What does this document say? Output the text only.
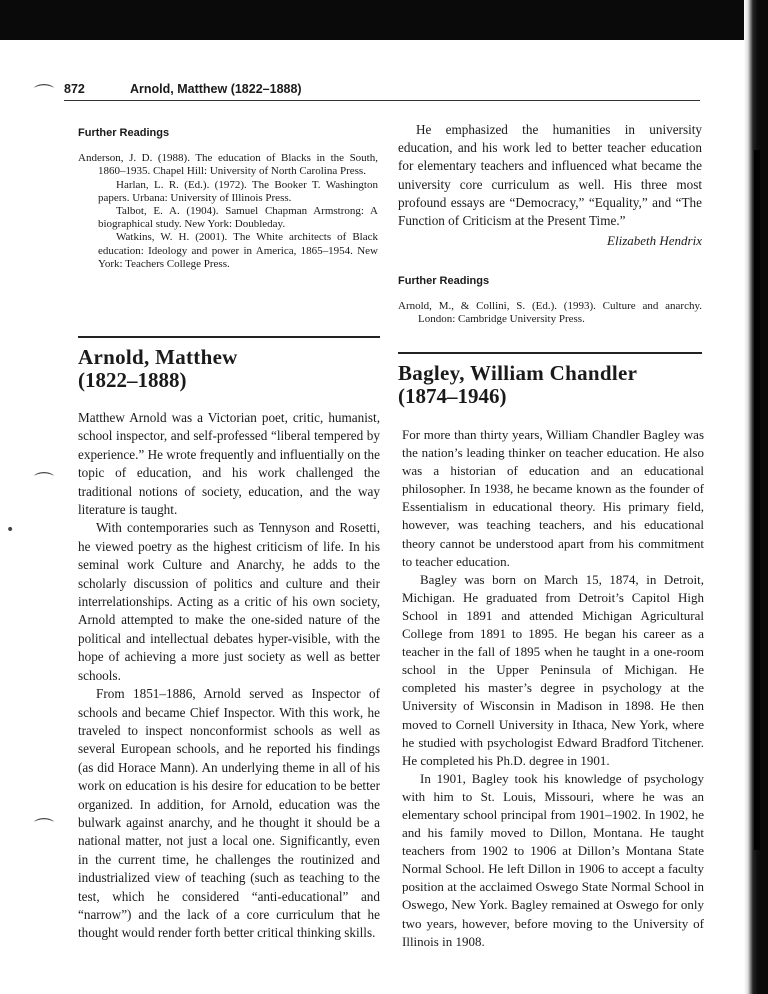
⌒
⌒
•
⌒
872	Arnold, Matthew (1822–1888)
Further Readings

Anderson, J. D. (1988). The education of Blacks in the South, 1860–1935. Chapel Hill: University of North Carolina Press.

Harlan, L. R. (Ed.). (1972). The Booker T. Washington papers. Urbana: University of Illinois Press.

Talbot, E. A. (1904). Samuel Chapman Armstrong: A biographical study. New York: Doubleday.

Watkins, W. H. (2001). The White architects of Black education: Ideology and power in America, 1865–1954. New York: Teachers College Press.

He emphasized the humanities in university education, and his work led to better teacher education for elementary teachers and influenced what became the university core curriculum as well. His three most profound essays are “Democracy,” “Equality,” and “The Function of Criticism at the Present Time.”

Elizabeth Hendrix
Further Readings

Arnold, M., & Collini, S. (Ed.). (1993). Culture and anarchy. London: Cambridge University Press.

Arnold, Matthew
(1822–1888)

Matthew Arnold was a Victorian poet, critic, humanist, school inspector, and self-professed “liberal tempered by experience.” He wrote frequently and influentially on the topic of education, and his work challenged the traditional notions of society, education, and the way literature is taught.

With contemporaries such as Tennyson and Rosetti, he viewed poetry as the highest criticism of life. In his seminal work Culture and Anarchy, he adds to the scholarly discussion of politics and culture and their interrelationships. Acting as a critic of his own society, Arnold attempted to make the one-sided nature of the political and intellectual debates hyper-visible, with the hope of achieving a more just society as well as better schools.

From 1851–1886, Arnold served as Inspector of schools and became Chief Inspector. With this work, he traveled to inspect nonconformist schools as well as several European schools, and he reported his findings (as did Horace Mann). An underlying theme in all of his work on education is his desire for education to be better organized. In addition, for Arnold, education was the bulwark against anarchy, and he thought it should be a national matter, not just a local one. Significantly, even in the current time, he challenges the routinized and industrialized view of teaching (such as teaching to the test, which he considered “anti-educational” and “narrow”) and the lack of a core curriculum that he thought would render forth better critical thinking skills.

Bagley, William Chandler
(1874–1946)

For more than thirty years, William Chandler Bagley was the nation’s leading thinker on teacher education. He also was a historian of education and an educational philosopher. In 1938, he became known as the founder of Essentialism in educational theory. His primary field, however, was teaching teachers, and his educational theory cannot be understood apart from his commitment to teacher education.

Bagley was born on March 15, 1874, in Detroit, Michigan. He graduated from Detroit’s Capitol High School in 1891 and attended Michigan Agricultural College from 1891 to 1895. He began his career as a teacher in the fall of 1895 when he taught in a one-room school in the Upper Peninsula of Michigan. He completed his master’s degree in psychology at the University of Wisconsin in Madison in 1898. He then moved to Cornell University in Ithaca, New York, where he studied with psychologist Edward Bradford Titchener. He completed his Ph.D. degree in 1901.

In 1901, Bagley took his knowledge of psychology with him to St. Louis, Missouri, where he was an elementary school principal from 1901–1902. In 1902, he and his family moved to Dillon, Montana. He taught teachers from 1902 to 1906 at Dillon’s Montana State Normal School. He left Dillon in 1906 to accept a faculty position at the acclaimed Oswego State Normal School in Oswego, New York. Bagley remained at Oswego for only two years, however, before moving to the University of Illinois in 1908.
